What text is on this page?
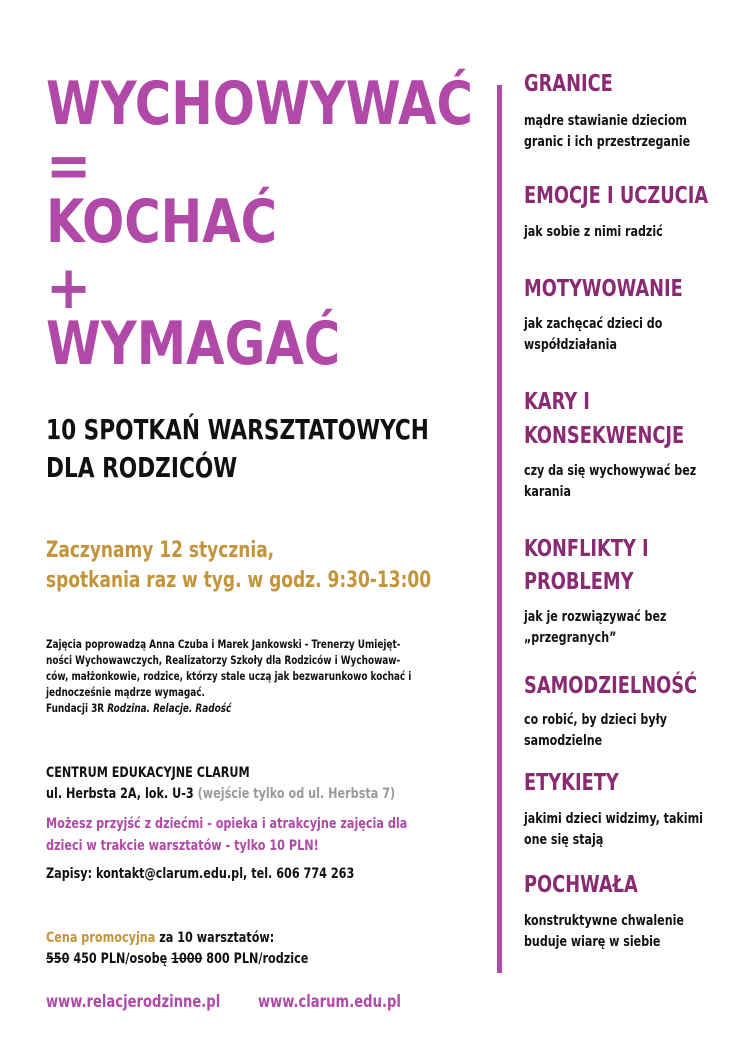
WYCHOWYWAĆ
=
KOCHAĆ
+
WYMAGAĆ
10 SPOTKAŃ WARSZTATOWYCH
DLA RODZICÓW
Zaczynamy 12 stycznia,
spotkania raz w tyg. w godz. 9:30-13:00
Zajęcia poprowadzą Anna Czuba i Marek Jankowski - Trenerzy Umiejęt-
ności Wychowawczych, Realizatorzy Szkoły dla Rodziców i Wychowaw-
ców, małżonkowie, rodzice, którzy stale uczą jak bezwarunkowo kochać i
jednocześnie mądrze wymagać.
Fundacji 3R Rodzina. Relacje. Radość
CENTRUM EDUKACYJNE CLARUM
ul. Herbsta 2A, lok. U-3 (wejście tylko od ul. Herbsta 7)
Możesz przyjść z dziećmi - opieka i atrakcyjne zajęcia dla
dzieci w trakcie warsztatów - tylko 10 PLN!
Zapisy: kontakt@clarum.edu.pl, tel. 606 774 263
Cena promocyjna za 10 warsztatów:
550 450 PLN/osobę 1000 800 PLN/rodzice
www.relacjerodzinne.pl www.clarum.edu.pl
GRANICE
mądre stawianie dzieciom granic i ich przestrzeganie
EMOCJE I UCZUCIA
jak sobie z nimi radzić
MOTYWOWANIE
jak zachęcać dzieci do współdziałania
KARY I
KONSEKWENCJE
czy da się wychowywać bez karania
KONFLIKTY I
PROBLEMY
jak je rozwiązywać bez „przegranych”
SAMODZIELNOŚĆ
co robić, by dzieci były samodzielne
ETYKIETY
jakimi dzieci widzimy, takimi one się stają
POCHWAŁA
konstruktywne chwalenie buduje wiarę w siebie
